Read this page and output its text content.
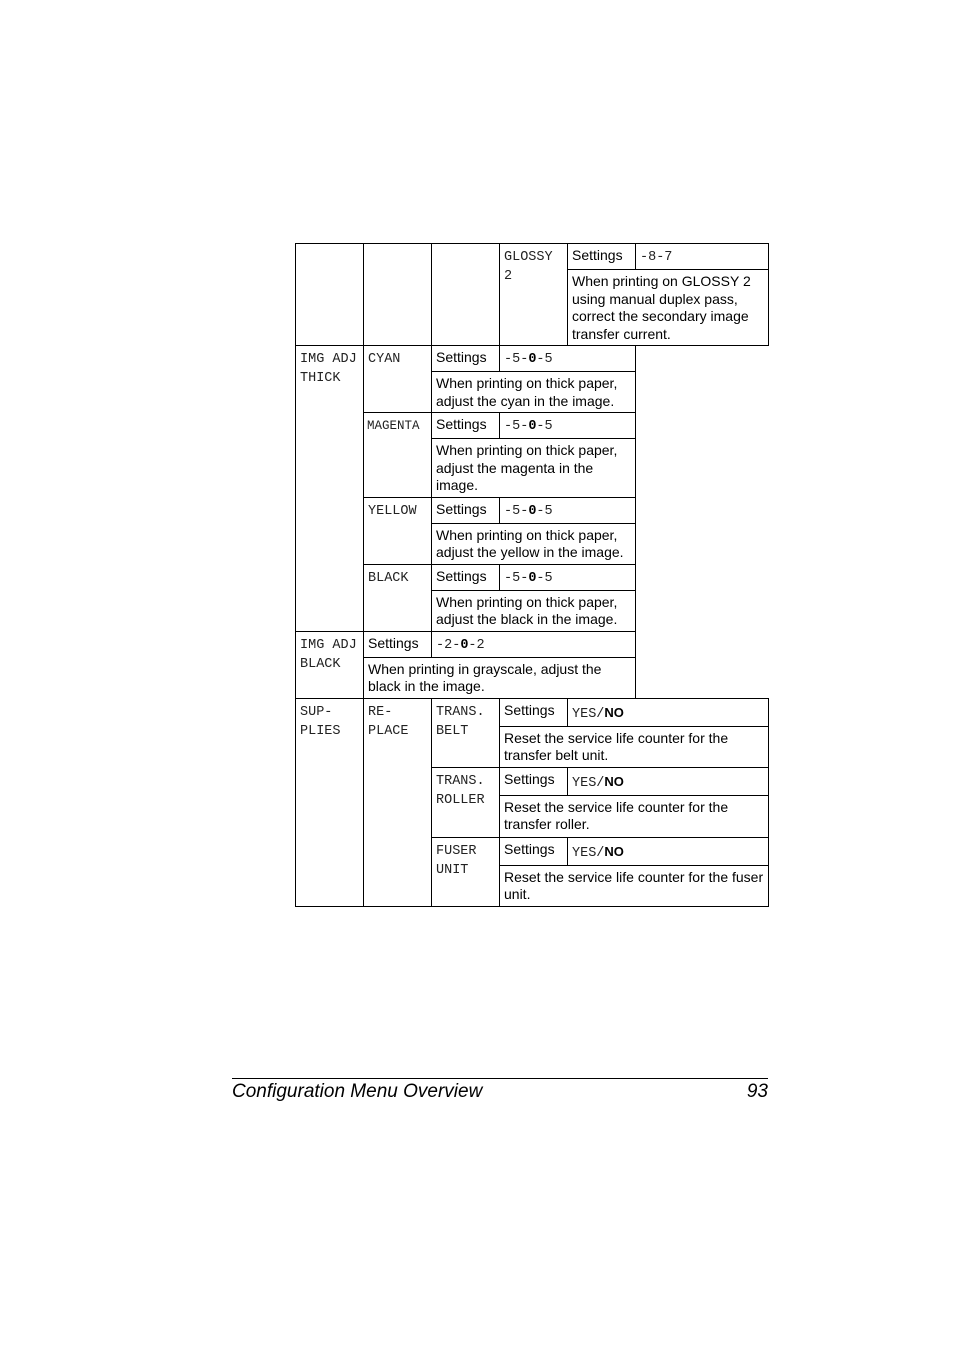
			GLOSSY 2	Settings	-8-7
				When printing on GLOSSY 2 using manual duplex pass, correct the secondary image transfer current.	

IMG ADJ THICK	CYAN	Settings	-5-0-5		
		When printing on thick paper, adjust the cyan in the image.			
	MAGENTA	Settings	-5-0-5		
		When printing on thick paper, adjust the magenta in the image.			
	YELLOW	Settings	-5-0-5		
		When printing on thick paper, adjust the yellow in the image.			
	BLACK	Settings	-5-0-5		
		When printing on thick paper, adjust the black in the image.			
IMG ADJ BLACK	Settings	-2-0-2			
	When printing in grayscale, adjust the black in the image.				
SUP- PLIES	RE- PLACE	TRANS. BELT	Settings	YES/NO	
			Reset the service life counter for the transfer belt unit.		
		TRANS. ROLLER	Settings	YES/NO	
			Reset the service life counter for the transfer roller.		
		FUSER UNIT	Settings	YES/NO	
			Reset the service life counter for the fuser unit.		
Configuration Menu Overview	93
